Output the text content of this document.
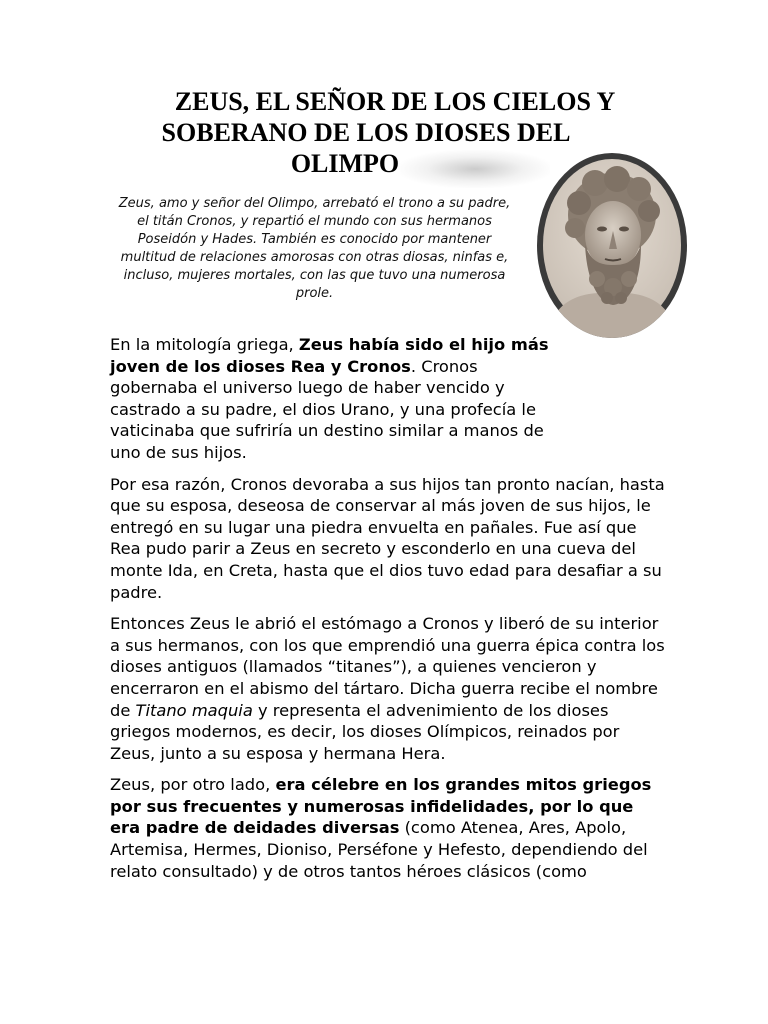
ZEUS, EL SEÑOR DE LOS CIELOS Y
SOBERANO DE LOS DIOSES DEL
OLIMPO
Zeus, amo y señor del Olimpo, arrebató el trono a su padre, el titán Cronos, y repartió el mundo con sus hermanos Poseidón y Hades. También es conocido por mantener multitud de relaciones amorosas con otras diosas, ninfas e, incluso, mujeres mortales, con las que tuvo una numerosa prole.

En la mitología griega, Zeus había sido el hijo más joven de los dioses Rea y Cronos. Cronos gobernaba el universo luego de haber vencido y castrado a su padre, el dios Urano, y una profecía le vaticinaba que sufriría un destino similar a manos de uno de sus hijos.

Por esa razón, Cronos devoraba a sus hijos tan pronto nacían, hasta que su esposa, deseosa de conservar al más joven de sus hijos, le entregó en su lugar una piedra envuelta en pañales. Fue así que Rea pudo parir a Zeus en secreto y esconderlo en una cueva del monte Ida, en Creta, hasta que el dios tuvo edad para desafiar a su padre.

Entonces Zeus le abrió el estómago a Cronos y liberó de su interior a sus hermanos, con los que emprendió una guerra épica contra los dioses antiguos (llamados “titanes”), a quienes vencieron y encerraron en el abismo del tártaro. Dicha guerra recibe el nombre de Titano maquia y representa el advenimiento de los dioses griegos modernos, es decir, los dioses Olímpicos, reinados por Zeus, junto a su esposa y hermana Hera.

Zeus, por otro lado, era célebre en los grandes mitos griegos por sus frecuentes y numerosas infidelidades, por lo que era padre de deidades diversas (como Atenea, Ares, Apolo, Artemisa, Hermes, Dioniso, Perséfone y Hefesto, dependiendo del relato consultado) y de otros tantos héroes clásicos (como
